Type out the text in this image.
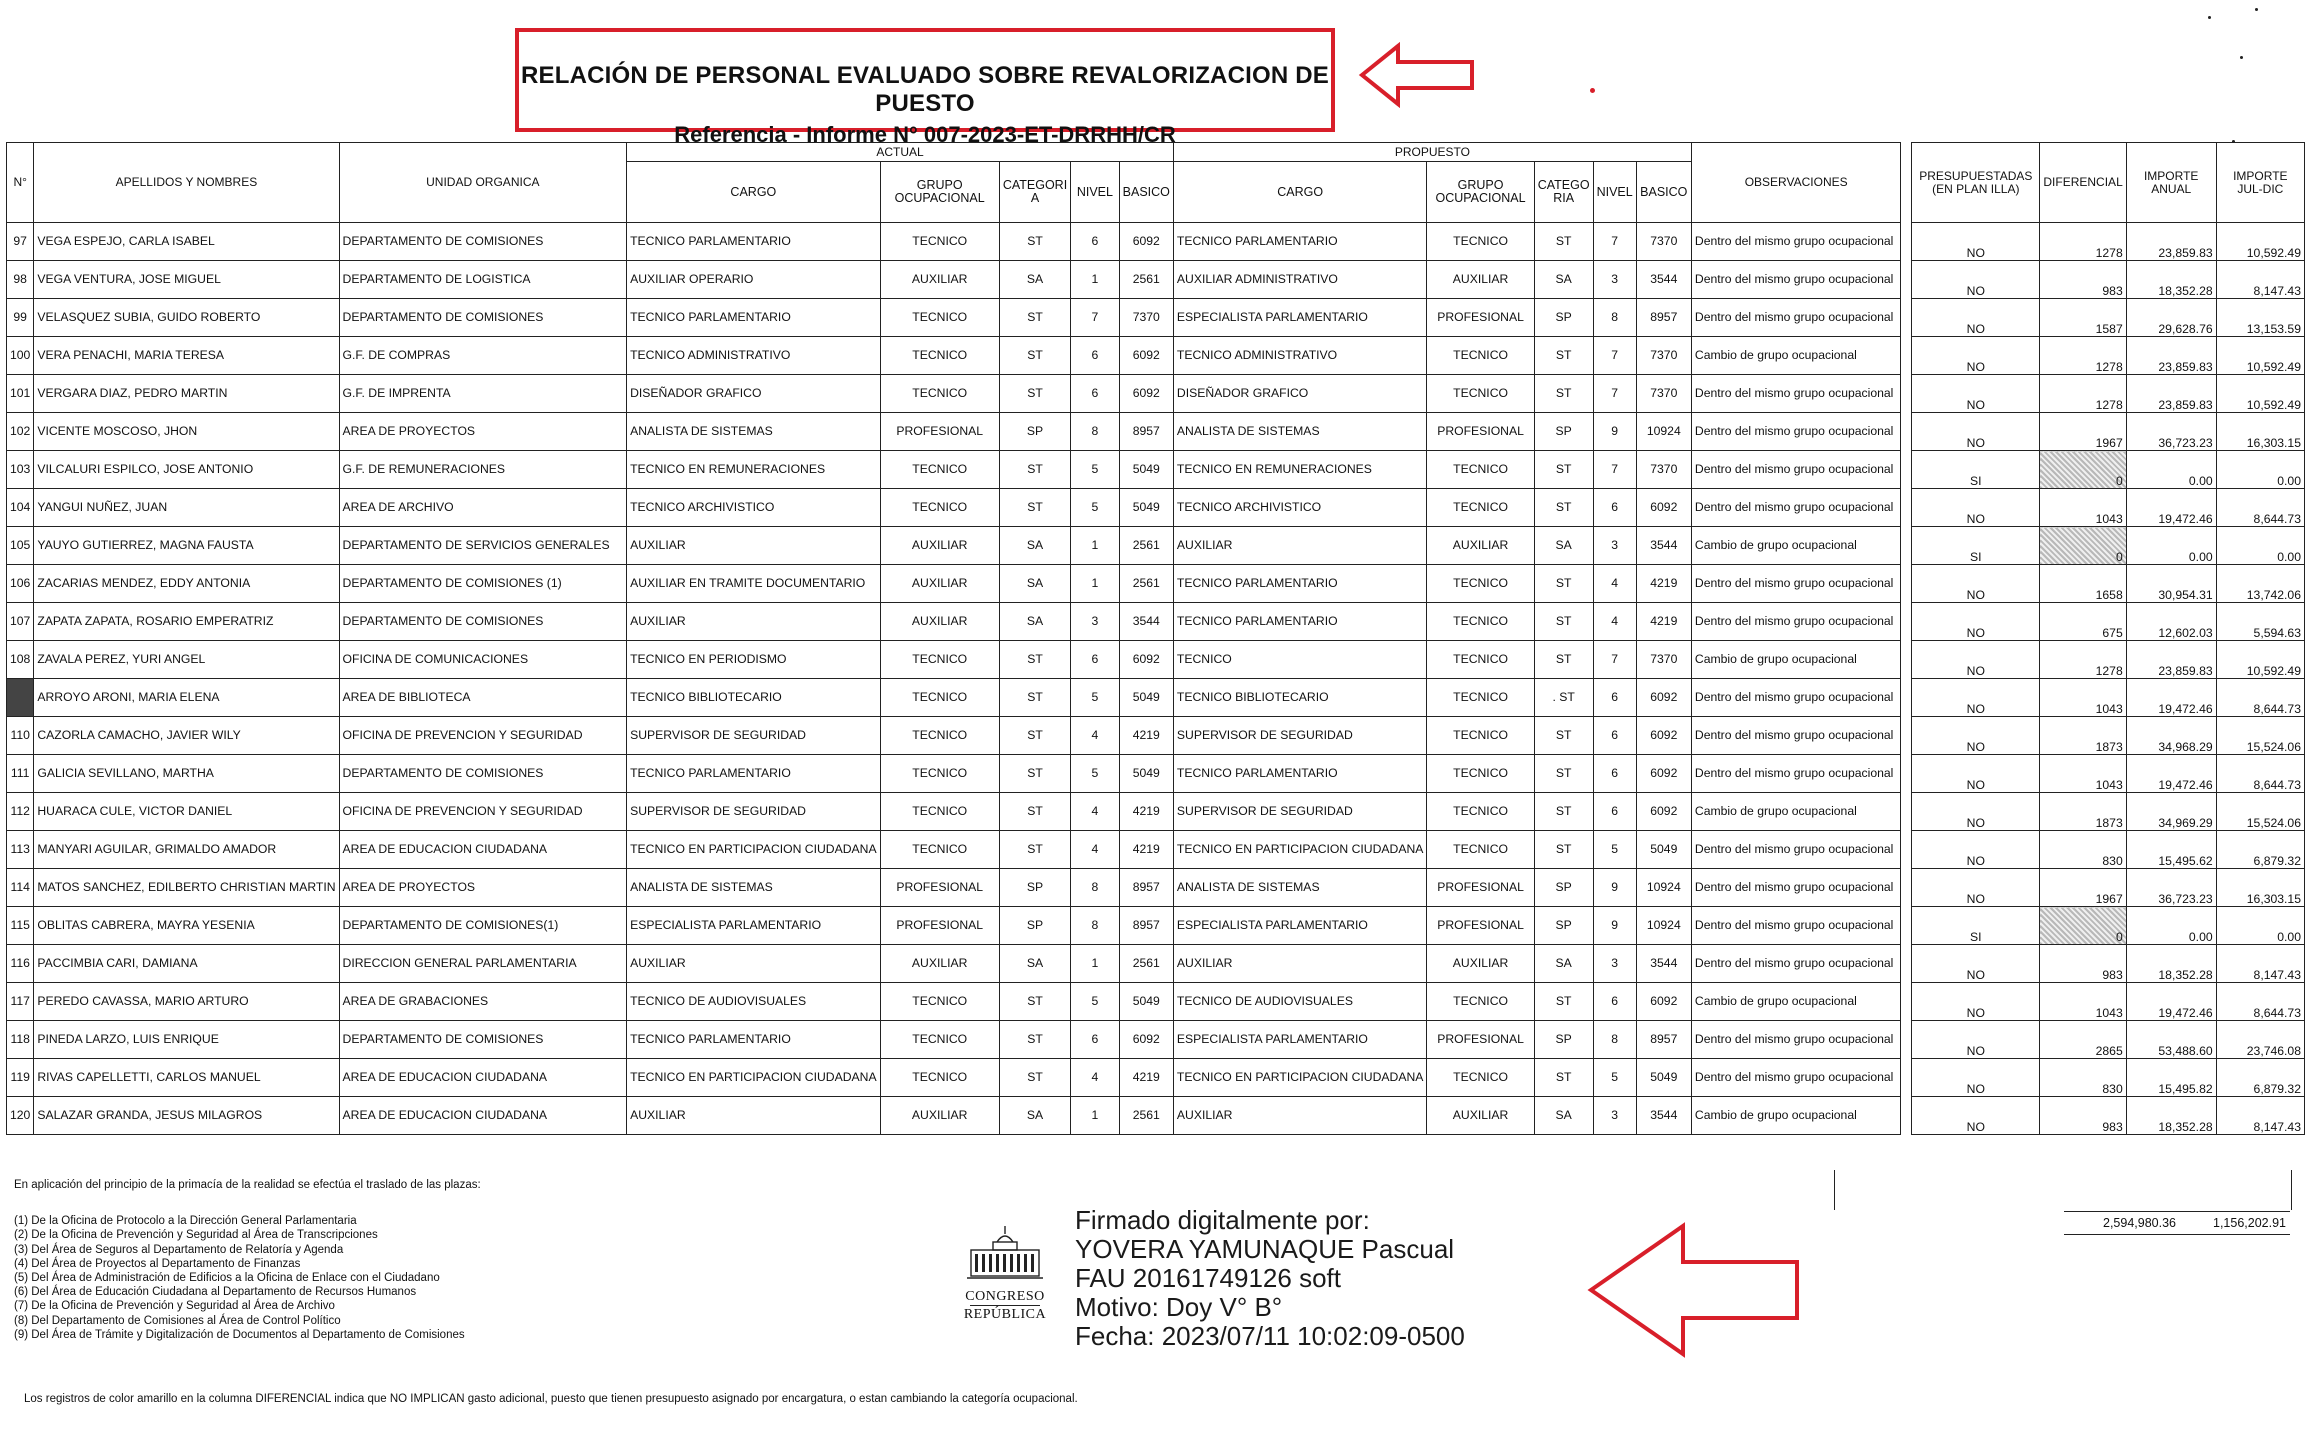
RELACIÓN DE PERSONAL EVALUADO SOBRE REVALORIZACION DE PUESTO
Referencia - Informe N° 007-2023-ET-DRRHH/CR
N°	APELLIDOS Y NOMBRES	UNIDAD ORGANICA	ACTUAL					PROPUESTO					OBSERVACIONES		PRESUPUESTADAS (EN PLAN ILLA)	DIFERENCIAL	IMPORTE ANUAL	IMPORTE JUL-DIC
			CARGO	GRUPO OCUPACIONAL	CATEGORI A	NIVEL	BASICO	CARGO	GRUPO OCUPACIONAL	CATEGO RIA	NIVEL	BASICO						
97	VEGA ESPEJO, CARLA ISABEL	DEPARTAMENTO DE COMISIONES	TECNICO PARLAMENTARIO	TECNICO	ST	6	6092	TECNICO PARLAMENTARIO	TECNICO	ST	7	7370	Dentro del mismo grupo ocupacional		NO	1278	23,859.83	10,592.49
98	VEGA VENTURA, JOSE MIGUEL	DEPARTAMENTO DE LOGISTICA	AUXILIAR OPERARIO	AUXILIAR	SA	1	2561	AUXILIAR ADMINISTRATIVO	AUXILIAR	SA	3	3544	Dentro del mismo grupo ocupacional		NO	983	18,352.28	8,147.43
99	VELASQUEZ SUBIA, GUIDO ROBERTO	DEPARTAMENTO DE COMISIONES	TECNICO PARLAMENTARIO	TECNICO	ST	7	7370	ESPECIALISTA PARLAMENTARIO	PROFESIONAL	SP	8	8957	Dentro del mismo grupo ocupacional		NO	1587	29,628.76	13,153.59
100	VERA PENACHI, MARIA TERESA	G.F. DE COMPRAS	TECNICO ADMINISTRATIVO	TECNICO	ST	6	6092	TECNICO ADMINISTRATIVO	TECNICO	ST	7	7370	Cambio de grupo ocupacional		NO	1278	23,859.83	10,592.49
101	VERGARA DIAZ, PEDRO MARTIN	G.F. DE IMPRENTA	DISEÑADOR GRAFICO	TECNICO	ST	6	6092	DISEÑADOR GRAFICO	TECNICO	ST	7	7370	Dentro del mismo grupo ocupacional		NO	1278	23,859.83	10,592.49
102	VICENTE MOSCOSO, JHON	AREA DE PROYECTOS	ANALISTA DE SISTEMAS	PROFESIONAL	SP	8	8957	ANALISTA DE SISTEMAS	PROFESIONAL	SP	9	10924	Dentro del mismo grupo ocupacional		NO	1967	36,723.23	16,303.15
103	VILCALURI ESPILCO, JOSE ANTONIO	G.F. DE REMUNERACIONES	TECNICO EN REMUNERACIONES	TECNICO	ST	5	5049	TECNICO EN REMUNERACIONES	TECNICO	ST	7	7370	Dentro del mismo grupo ocupacional		SI	0	0.00	0.00
104	YANGUI NUÑEZ, JUAN	AREA DE ARCHIVO	TECNICO ARCHIVISTICO	TECNICO	ST	5	5049	TECNICO ARCHIVISTICO	TECNICO	ST	6	6092	Dentro del mismo grupo ocupacional		NO	1043	19,472.46	8,644.73
105	YAUYO GUTIERREZ, MAGNA FAUSTA	DEPARTAMENTO DE SERVICIOS GENERALES	AUXILIAR	AUXILIAR	SA	1	2561	AUXILIAR	AUXILIAR	SA	3	3544	Cambio de grupo ocupacional		SI	0	0.00	0.00
106	ZACARIAS MENDEZ, EDDY ANTONIA	DEPARTAMENTO DE COMISIONES (1)	AUXILIAR EN TRAMITE DOCUMENTARIO	AUXILIAR	SA	1	2561	TECNICO PARLAMENTARIO	TECNICO	ST	4	4219	Dentro del mismo grupo ocupacional		NO	1658	30,954.31	13,742.06
107	ZAPATA ZAPATA, ROSARIO EMPERATRIZ	DEPARTAMENTO DE COMISIONES	AUXILIAR	AUXILIAR	SA	3	3544	TECNICO PARLAMENTARIO	TECNICO	ST	4	4219	Dentro del mismo grupo ocupacional		NO	675	12,602.03	5,594.63
108	ZAVALA PEREZ, YURI ANGEL	OFICINA DE COMUNICACIONES	TECNICO EN PERIODISMO	TECNICO	ST	6	6092	TECNICO	TECNICO	ST	7	7370	Cambio de grupo ocupacional		NO	1278	23,859.83	10,592.49
	ARROYO ARONI, MARIA ELENA	AREA DE BIBLIOTECA	TECNICO BIBLIOTECARIO	TECNICO	ST	5	5049	TECNICO BIBLIOTECARIO	TECNICO	. ST	6	6092	Dentro del mismo grupo ocupacional		NO	1043	19,472.46	8,644.73
110	CAZORLA CAMACHO, JAVIER WILY	OFICINA DE PREVENCION Y SEGURIDAD	SUPERVISOR DE SEGURIDAD	TECNICO	ST	4	4219	SUPERVISOR DE SEGURIDAD	TECNICO	ST	6	6092	Dentro del mismo grupo ocupacional		NO	1873	34,968.29	15,524.06
111	GALICIA SEVILLANO, MARTHA	DEPARTAMENTO DE COMISIONES	TECNICO PARLAMENTARIO	TECNICO	ST	5	5049	TECNICO PARLAMENTARIO	TECNICO	ST	6	6092	Dentro del mismo grupo ocupacional		NO	1043	19,472.46	8,644.73
112	HUARACA CULE, VICTOR DANIEL	OFICINA DE PREVENCION Y SEGURIDAD	SUPERVISOR DE SEGURIDAD	TECNICO	ST	4	4219	SUPERVISOR DE SEGURIDAD	TECNICO	ST	6	6092	Cambio de grupo ocupacional		NO	1873	34,969.29	15,524.06
113	MANYARI AGUILAR, GRIMALDO AMADOR	AREA DE EDUCACION CIUDADANA	TECNICO EN PARTICIPACION CIUDADANA	TECNICO	ST	4	4219	TECNICO EN PARTICIPACION CIUDADANA	TECNICO	ST	5	5049	Dentro del mismo grupo ocupacional		NO	830	15,495.62	6,879.32
114	MATOS SANCHEZ, EDILBERTO CHRISTIAN MARTIN	AREA DE PROYECTOS	ANALISTA DE SISTEMAS	PROFESIONAL	SP	8	8957	ANALISTA DE SISTEMAS	PROFESIONAL	SP	9	10924	Dentro del mismo grupo ocupacional		NO	1967	36,723.23	16,303.15
115	OBLITAS CABRERA, MAYRA YESENIA	DEPARTAMENTO DE COMISIONES(1)	ESPECIALISTA PARLAMENTARIO	PROFESIONAL	SP	8	8957	ESPECIALISTA PARLAMENTARIO	PROFESIONAL	SP	9	10924	Dentro del mismo grupo ocupacional		SI	0	0.00	0.00
116	PACCIMBIA CARI, DAMIANA	DIRECCION GENERAL PARLAMENTARIA	AUXILIAR	AUXILIAR	SA	1	2561	AUXILIAR	AUXILIAR	SA	3	3544	Dentro del mismo grupo ocupacional		NO	983	18,352.28	8,147.43
117	PEREDO CAVASSA, MARIO ARTURO	AREA DE GRABACIONES	TECNICO DE AUDIOVISUALES	TECNICO	ST	5	5049	TECNICO DE AUDIOVISUALES	TECNICO	ST	6	6092	Cambio de grupo ocupacional		NO	1043	19,472.46	8,644.73
118	PINEDA LARZO, LUIS ENRIQUE	DEPARTAMENTO DE COMISIONES	TECNICO PARLAMENTARIO	TECNICO	ST	6	6092	ESPECIALISTA PARLAMENTARIO	PROFESIONAL	SP	8	8957	Dentro del mismo grupo ocupacional		NO	2865	53,488.60	23,746.08
119	RIVAS CAPELLETTI, CARLOS MANUEL	AREA DE EDUCACION CIUDADANA	TECNICO EN PARTICIPACION CIUDADANA	TECNICO	ST	4	4219	TECNICO EN PARTICIPACION CIUDADANA	TECNICO	ST	5	5049	Dentro del mismo grupo ocupacional		NO	830	15,495.82	6,879.32
120	SALAZAR GRANDA, JESUS MILAGROS	AREA DE EDUCACION CIUDADANA	AUXILIAR	AUXILIAR	SA	1	2561	AUXILIAR	AUXILIAR	SA	3	3544	Cambio de grupo ocupacional		NO	983	18,352.28	8,147.43
2,594,980.36	1,156,202.91
En aplicación del principio de la primacía de la realidad se efectúa el traslado de las plazas:
(1) De la Oficina de Protocolo a la Dirección General Parlamentaria
(2) De la Oficina de Prevención y Seguridad al Área de Transcripciones
(3) Del Área de Seguros al Departamento de Relatoría y Agenda
(4) Del Área de Proyectos al Departamento de Finanzas
(5) Del Área de Administración de Edificios a la Oficina de Enlace con el Ciudadano
(6) Del Área de Educación Ciudadana al Departamento de Recursos Humanos
(7) De la Oficina de Prevención y Seguridad al Área de Archivo
(8) Del Departamento de Comisiones al Área de Control Político
(9) Del Área de Trámite y Digitalización de Documentos al Departamento de Comisiones
Los registros de color amarillo en la columna DIFERENCIAL indica que NO IMPLICAN gasto adicional, puesto que tienen presupuesto asignado por encargatura, o estan cambiando la categoría ocupacional.
CONGRESO
REPÚBLICA
Firmado digitalmente por:
YOVERA YAMUNAQUE Pascual
FAU 20161749126 soft
Motivo: Doy V° B°
Fecha: 2023/07/11 10:02:09-0500
